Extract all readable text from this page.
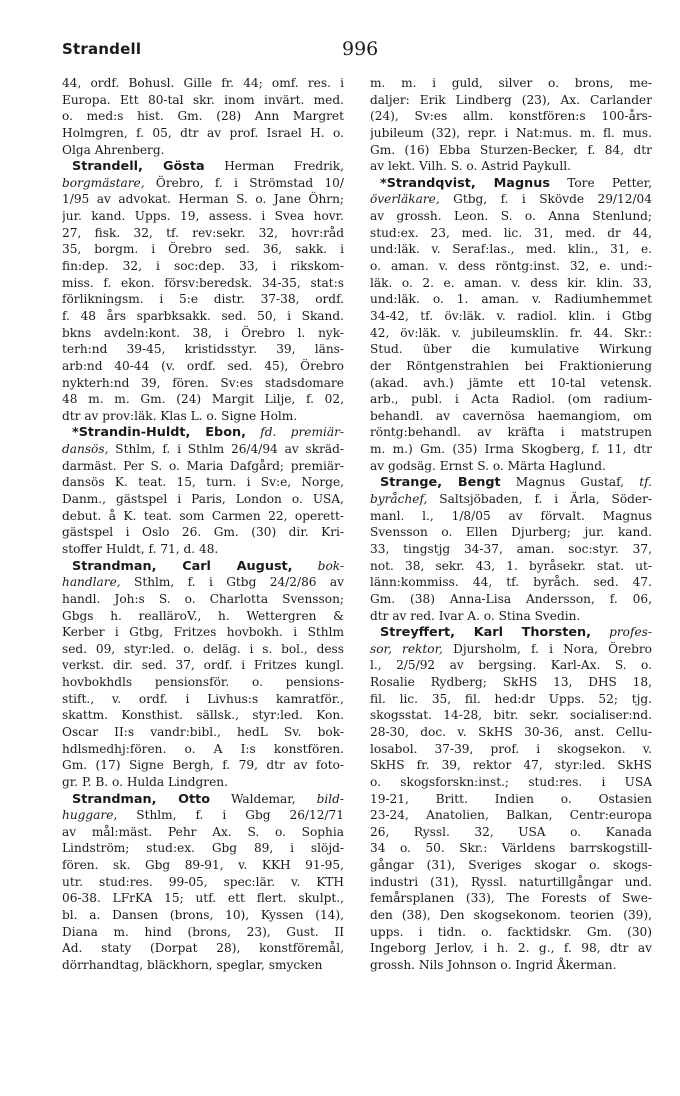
Strandell	996
44, ordf. Bohusl. Gille fr. 44; omf. res. i
Europa. Ett 80-tal skr. inom invärt. med.
o. med:s hist. Gm. (28) Ann Margret
Holmgren, f. 05, dtr av prof. Israel H. o.
Olga Ahrenberg.
Strandell, Gösta Herman Fredrik,
borgmästare, Örebro, f. i Strömstad 10/
1/95 av advokat. Herman S. o. Jane Öhrn;
jur. kand. Upps. 19, assess. i Svea hovr.
27, fisk. 32, tf. rev:sekr. 32, hovr:råd
35, borgm. i Örebro sed. 36, sakk. i
fin:dep. 32, i soc:dep. 33, i rikskom-
miss. f. ekon. försv:beredsk. 34-35, stat:s
förlikningsm. i 5:e distr. 37-38, ordf.
f. 48 års sparbksakk. sed. 50, i Skand.
bkns avdeln:kont. 38, i Örebro l. nyk-
terh:nd 39-45, kristidsstyr. 39, läns-
arb:nd 40-44 (v. ordf. sed. 45), Örebro
nykterh:nd 39, fören. Sv:es stadsdomare
48 m. m. Gm. (24) Margit Lilje, f. 02,
dtr av prov:läk. Klas L. o. Signe Holm.
*Strandin-Huldt, Ebon, fd. premiär-
dansös, Sthlm, f. i Sthlm 26/4/94 av skräd-
darmäst. Per S. o. Maria Dafgård; premiär-
dansös K. teat. 15, turn. i Sv:e, Norge,
Danm., gästspel i Paris, London o. USA,
debut. å K. teat. som Carmen 22, operett-
gästspel i Oslo 26. Gm. (30) dir. Kri-
stoffer Huldt, f. 71, d. 48.
Strandman, Carl August, bok-
handlare, Sthlm, f. i Gtbg 24/2/86 av
handl. Joh:s S. o. Charlotta Svensson;
Gbgs h. realläroV., h. Wettergren &
Kerber i Gtbg, Fritzes hovbokh. i Sthlm
sed. 09, styr:led. o. deläg. i s. bol., dess
verkst. dir. sed. 37, ordf. i Fritzes kungl.
hovbokhdls pensionsför. o. pensions-
stift., v. ordf. i Livhus:s kamratför.,
skattm. Konsthist. sällsk., styr:led. Kon.
Oscar II:s vandr:bibl., hedL Sv. bok-
hdlsmedhj:fören. o. A I:s konstfören.
Gm. (17) Signe Bergh, f. 79, dtr av foto-
gr. P. B. o. Hulda Lindgren.
Strandman, Otto Waldemar, bild-
huggare, Sthlm, f. i Gbg 26/12/71
av mål:mäst. Pehr Ax. S. o. Sophia
Lindström; stud:ex. Gbg 89, i slöjd-
fören. sk. Gbg 89-91, v. KKH 91-95,
utr. stud:res. 99-05, spec:lär. v. KTH
06-38. LFrKA 15; utf. ett flert. skulpt.,
bl. a. Dansen (brons, 10), Kyssen (14),
Diana m. hind (brons, 23), Gust. II
Ad. staty (Dorpat 28), konstföremål,
dörrhandtag, bläckhorn, speglar, smycken
m. m. i guld, silver o. brons, me-
daljer: Erik Lindberg (23), Ax. Carlander
(24), Sv:es allm. konstfören:s 100-års-
jubileum (32), repr. i Nat:mus. m. fl. mus.
Gm. (16) Ebba Sturzen-Becker, f. 84, dtr
av lekt. Vilh. S. o. Astrid Paykull.
*Strandqvist, Magnus Tore Petter,
överläkare, Gtbg, f. i Skövde 29/12/04
av grossh. Leon. S. o. Anna Stenlund;
stud:ex. 23, med. lic. 31, med. dr 44,
und:läk. v. Seraf:las., med. klin., 31, e.
o. aman. v. dess röntg:inst. 32, e. und:-
läk. o. 2. e. aman. v. dess kir. klin. 33,
und:läk. o. 1. aman. v. Radiumhemmet
34-42, tf. öv:läk. v. radiol. klin. i Gtbg
42, öv:läk. v. jubileumsklin. fr. 44. Skr.:
Stud. über die kumulative Wirkung
der Röntgenstrahlen bei Fraktionierung
(akad. avh.) jämte ett 10-tal vetensk.
arb., publ. i Acta Radiol. (om radium-
behandl. av cavernösa haemangiom, om
röntg:behandl. av kräfta i matstrupen
m. m.) Gm. (35) Irma Skogberg, f. 11, dtr
av godsäg. Ernst S. o. Märta Haglund.
Strange, Bengt Magnus Gustaf, tf.
byråchef, Saltsjöbaden, f. i Ärla, Söder-
manl. l., 1/8/05 av förvalt. Magnus
Svensson o. Ellen Djurberg; jur. kand.
33, tingstjg 34-37, aman. soc:styr. 37,
not. 38, sekr. 43, 1. byråsekr. stat. ut-
länn:kommiss. 44, tf. byråch. sed. 47.
Gm. (38) Anna-Lisa Andersson, f. 06,
dtr av red. Ivar A. o. Stina Svedin.
Streyffert, Karl Thorsten, profes-
sor, rektor, Djursholm, f. i Nora, Örebro
l., 2/5/92 av bergsing. Karl-Ax. S. o.
Rosalie Rydberg; SkHS 13, DHS 18,
fil. lic. 35, fil. hed:dr Upps. 52; tjg.
skogsstat. 14-28, bitr. sekr. socialiser:nd.
28-30, doc. v. SkHS 30-36, anst. Cellu-
losabol. 37-39, prof. i skogsekon. v.
SkHS fr. 39, rektor 47, styr:led. SkHS
o. skogsforskn:inst.; stud:res. i USA
19-21, Britt. Indien o. Ostasien
23-24, Anatolien, Balkan, Centr:europa
26, Ryssl. 32, USA o. Kanada
34 o. 50. Skr.: Världens barrskogstill-
gångar (31), Sveriges skogar o. skogs-
industri (31), Ryssl. naturtillgångar und.
femårsplanen (33), The Forests of Swe-
den (38), Den skogsekonom. teorien (39),
upps. i tidn. o. facktidskr. Gm. (30)
Ingeborg Jerlov, i h. 2. g., f. 98, dtr av
grossh. Nils Johnson o. Ingrid Åkerman.
